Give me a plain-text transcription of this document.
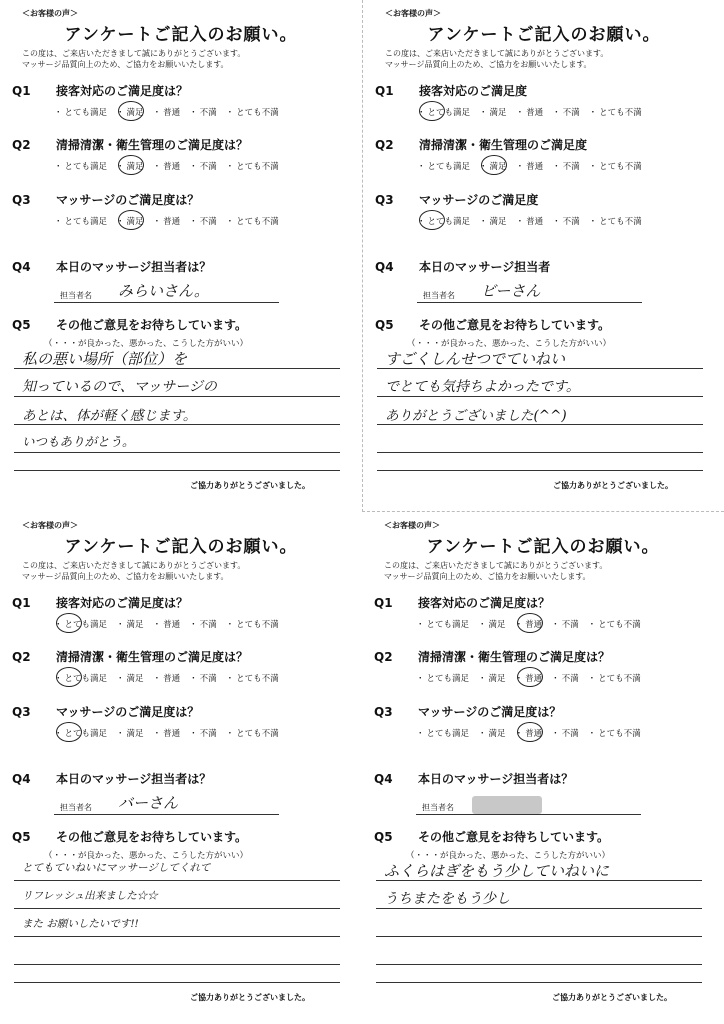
＜お客様の声＞
アンケートご記入のお願い。
この度は、ご来店いただきまして誠にありがとうございます。
マッサージ品質向上のため、ご協力をお願いいたします。
Q1 接客対応のご満足度は？
・ とても満足 ・ 満足 ・ 普通 ・ 不満 ・ とても不満
Q2 清掃清潔・衛生管理のご満足度は？
・ とても満足 ・ 満足 ・ 普通 ・ 不満 ・ とても不満
Q3 マッサージのご満足度は？
・ とても満足 ・ 満足 ・ 普通 ・ 不満 ・ とても不満
Q4 本日のマッサージ担当者は？
担当者名 みらいさん。
Q5 その他ご意見をお待ちしています。
（・・・が良かった、悪かった、こうした方がいい）
私の悪い場所（部位）を
知っているので、マッサージの
あとは、体が軽く感じます。
いつもありがとう。
ご協力ありがとうございました。
＜お客様の声＞
アンケートご記入のお願い。
この度は、ご来店いただきまして誠にありがとうございます。
マッサージ品質向上のため、ご協力をお願いいたします。
Q1 接客対応のご満足度
・ とても満足 ・ 満足 ・ 普通 ・ 不満 ・ とても不満
Q2 清掃清潔・衛生管理のご満足度
・ とても満足 ・ 満足 ・ 普通 ・ 不満 ・ とても不満
Q3 マッサージのご満足度
・ とても満足 ・ 満足 ・ 普通 ・ 不満 ・ とても不満
Q4 本日のマッサージ担当者
担当者名 ビーさん
Q5 その他ご意見をお待ちしています。
（・・・が良かった、悪かった、こうした方がいい）
すごくしんせつでていねい
でとても気持ちよかったです。
ありがとうございました(^^)
ご協力ありがとうございました。
＜お客様の声＞
アンケートご記入のお願い。
この度は、ご来店いただきまして誠にありがとうございます。
マッサージ品質向上のため、ご協力をお願いいたします。
Q1 接客対応のご満足度は？
・ とても満足 ・ 満足 ・ 普通 ・ 不満 ・ とても不満
Q2 清掃清潔・衛生管理のご満足度は？
・ とても満足 ・ 満足 ・ 普通 ・ 不満 ・ とても不満
Q3 マッサージのご満足度は？
・ とても満足 ・ 満足 ・ 普通 ・ 不満 ・ とても不満
Q4 本日のマッサージ担当者は？
担当者名 バーさん
Q5 その他ご意見をお待ちしています。
（・・・が良かった、悪かった、こうした方がいい）
とてもていねいにマッサージしてくれて
リフレッシュ出来ました☆☆
また お願いしたいです!!
ご協力ありがとうございました。
＜お客様の声＞
アンケートご記入のお願い。
この度は、ご来店いただきまして誠にありがとうございます。
マッサージ品質向上のため、ご協力をお願いいたします。
Q1 接客対応のご満足度は？
・ とても満足 ・ 満足 ・ 普通 ・ 不満 ・ とても不満
Q2 清掃清潔・衛生管理のご満足度は？
・ とても満足 ・ 満足 ・ 普通 ・ 不満 ・ とても不満
Q3 マッサージのご満足度は？
・ とても満足 ・ 満足 ・ 普通 ・ 不満 ・ とても不満
Q4 本日のマッサージ担当者は？
担当者名
Q5 その他ご意見をお待ちしています。
（・・・が良かった、悪かった、こうした方がいい）
ふくらはぎをもう少していねいに
うちまたをもう少し
ご協力ありがとうございました。
